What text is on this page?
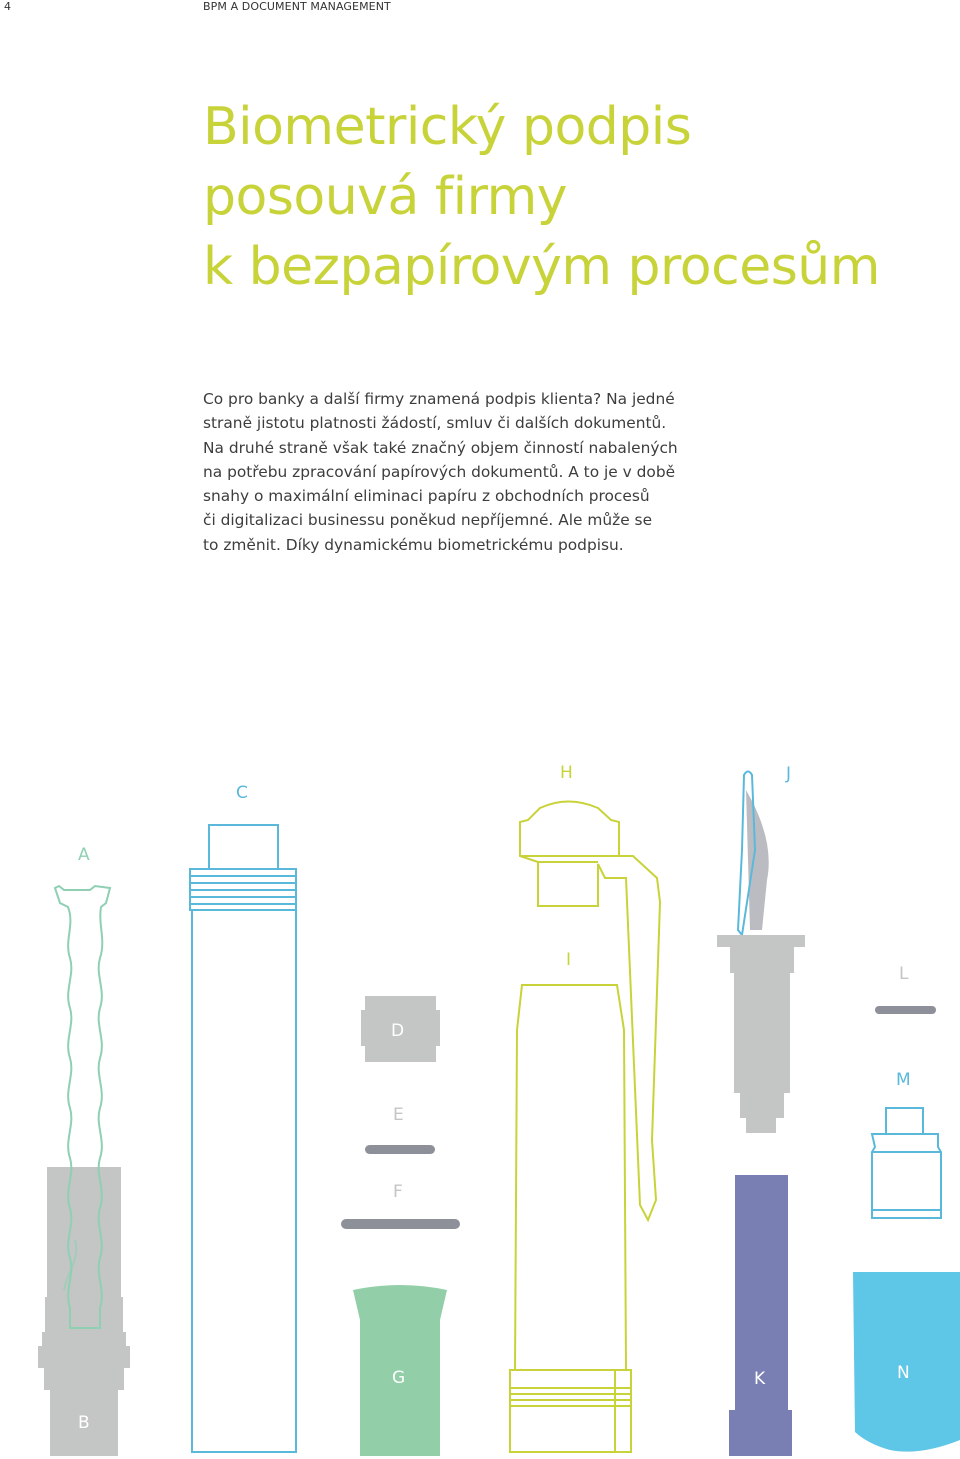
4	BPM A DOCUMENT MANAGEMENT
Biometrický podpis
posouvá firmy
k bezpapírovým procesům

Co pro banky a další firmy znamená podpis klienta? Na jedné
straně jistotu platnosti žádostí, smluv či dalších dokumentů.
Na druhé straně však také značný objem činností nabalených
na potřebu zpracování papírových dokumentů. A to je v době
snahy o maximální eliminaci papíru z obchodních procesů
či digitalizaci businessu poněkud nepříjemné. Ale může se
to změnit. Díky dynamickému biometrickému podpisu.

A
B
C
D
E
F
G
H
I
J
K
L
M
N
